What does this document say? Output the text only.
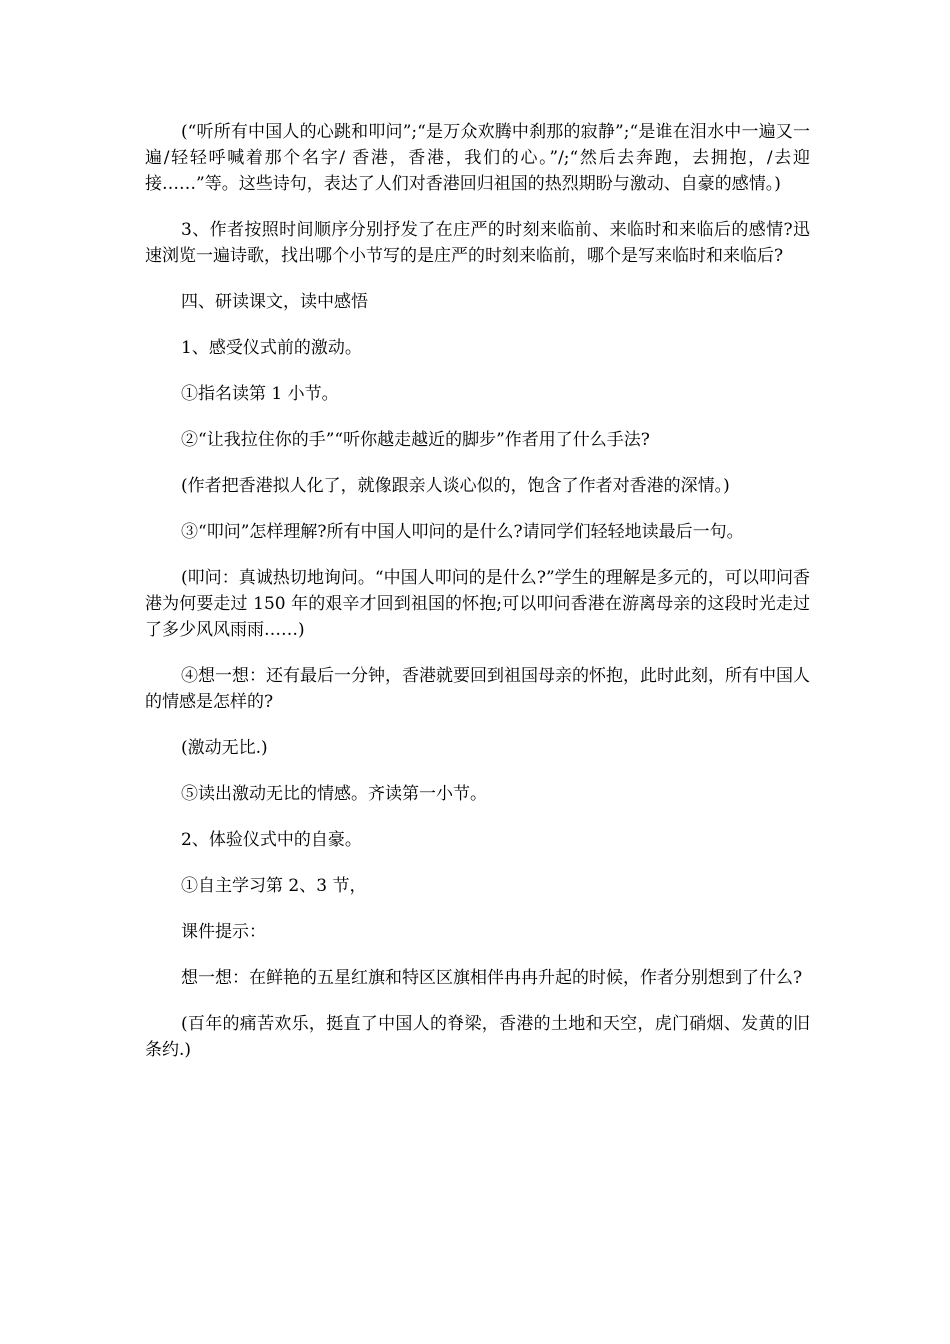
(“听所有中国人的心跳和叩问”;“是万众欢腾中刹那的寂静”;“是谁在泪水中一遍又一遍/轻轻呼喊着那个名字/ 香港，香港，我们的心。”/;“然后去奔跑，去拥抱，/去迎接……”等。这些诗句，表达了人们对香港回归祖国的热烈期盼与激动、自豪的感情。)

3、作者按照时间顺序分别抒发了在庄严的时刻来临前、来临时和来临后的感情?迅速浏览一遍诗歌，找出哪个小节写的是庄严的时刻来临前，哪个是写来临时和来临后?

四、研读课文，读中感悟

1、感受仪式前的激动。

①指名读第 1 小节。

②“让我拉住你的手”“听你越走越近的脚步”作者用了什么手法?

(作者把香港拟人化了，就像跟亲人谈心似的，饱含了作者对香港的深情。)

③“叩问”怎样理解?所有中国人叩问的是什么?请同学们轻轻地读最后一句。

(叩问：真诚热切地询问。“中国人叩问的是什么?”学生的理解是多元的，可以叩问香港为何要走过 150 年的艰辛才回到祖国的怀抱;可以叩问香港在游离母亲的这段时光走过了多少风风雨雨……)

④想一想：还有最后一分钟，香港就要回到祖国母亲的怀抱，此时此刻，所有中国人的情感是怎样的?

(激动无比.)

⑤读出激动无比的情感。齐读第一小节。

2、体验仪式中的自豪。

①自主学习第 2、3 节，

课件提示：

想一想：在鲜艳的五星红旗和特区区旗相伴冉冉升起的时候，作者分别想到了什么?

(百年的痛苦欢乐，挺直了中国人的脊梁，香港的土地和天空，虎门硝烟、发黄的旧条约.)
